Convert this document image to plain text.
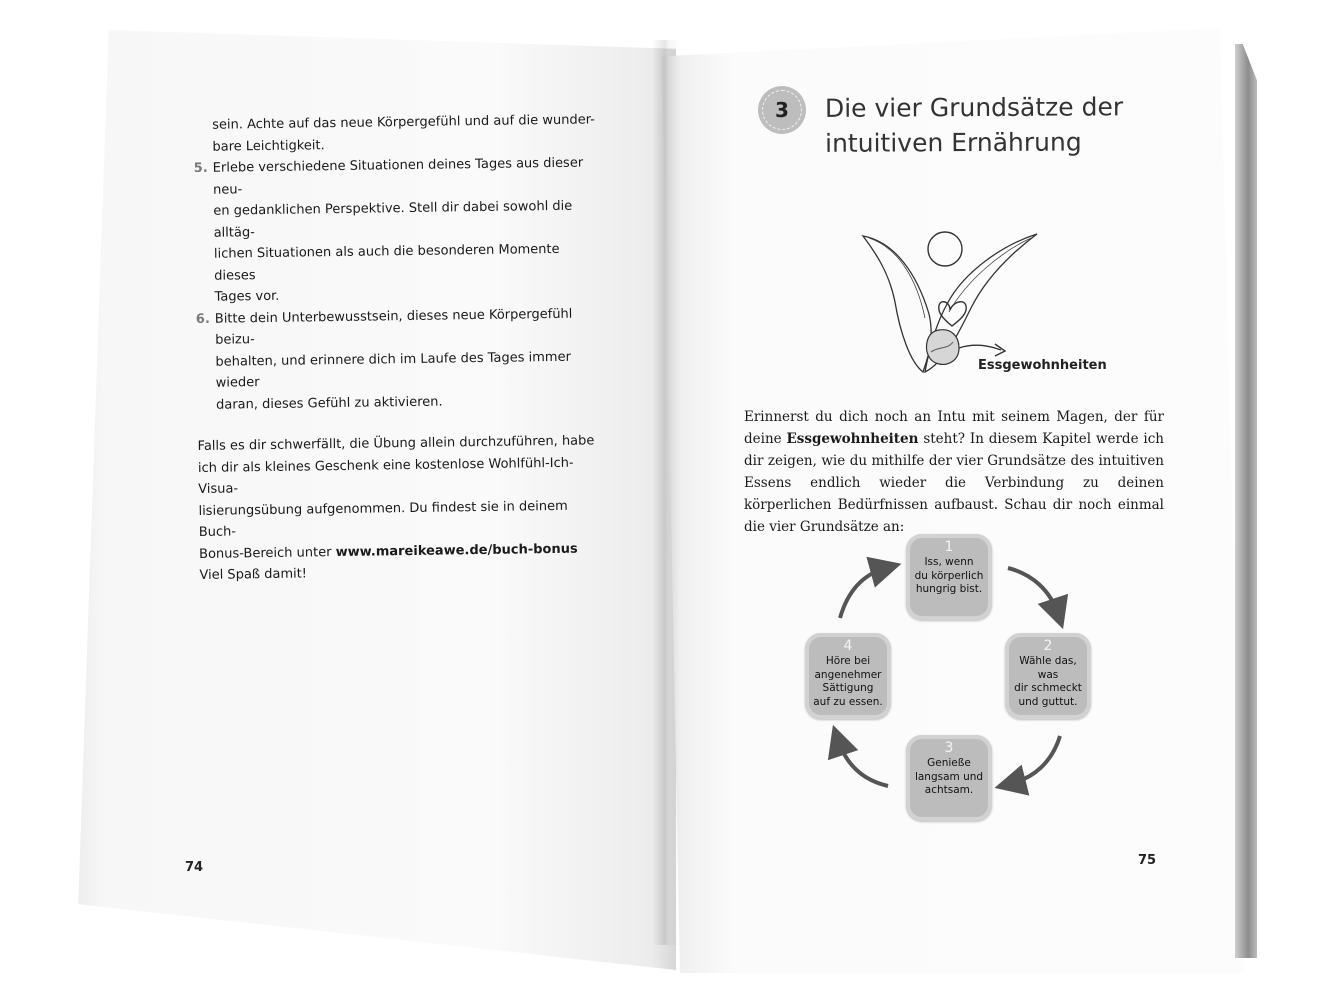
sein. Achte auf das neue Körpergefühl und auf die wunder-
bare Leichtigkeit.

5. Erlebe verschiedene Situationen deines Tages aus dieser neu-
en gedanklichen Perspektive. Stell dir dabei sowohl die alltäg-
lichen Situationen als auch die besonderen Momente dieses
Tages vor.

6. Bitte dein Unterbewusstsein, dieses neue Körpergefühl beizu-
behalten, und erinnere dich im Laufe des Tages immer wieder
daran, dieses Gefühl zu aktivieren.

Falls es dir schwerfällt, die Übung allein durchzuführen, habe
ich dir als kleines Geschenk eine kostenlose Wohlfühl-Ich-Visua-
lisierungsübung aufgenommen. Du findest sie in deinem Buch-
Bonus-Bereich unter www.mareikeawe.de/buch-bonus
Viel Spaß damit!

74
3 Die vier Grundsätze der
intuitiven Ernährung
Essgewohnheiten

Erinnerst du dich noch an Intu mit seinem Magen, der für deine Essgewohnheiten steht? In diesem Kapitel werde ich dir zeigen, wie du mithilfe der vier Grundsätze des intuitiven Essens endlich wieder die Verbindung zu deinen körperlichen Bedürfnissen aufbaust. Schau dir noch einmal die vier Grundsätze an:

1
Iss, wenn
du körperlich
hungrig bist.
2
Wähle das, was
dir schmeckt
und guttut.
3
Genieße
langsam und
achtsam.
4
Höre bei
angenehmer
Sättigung
auf zu essen.
75
